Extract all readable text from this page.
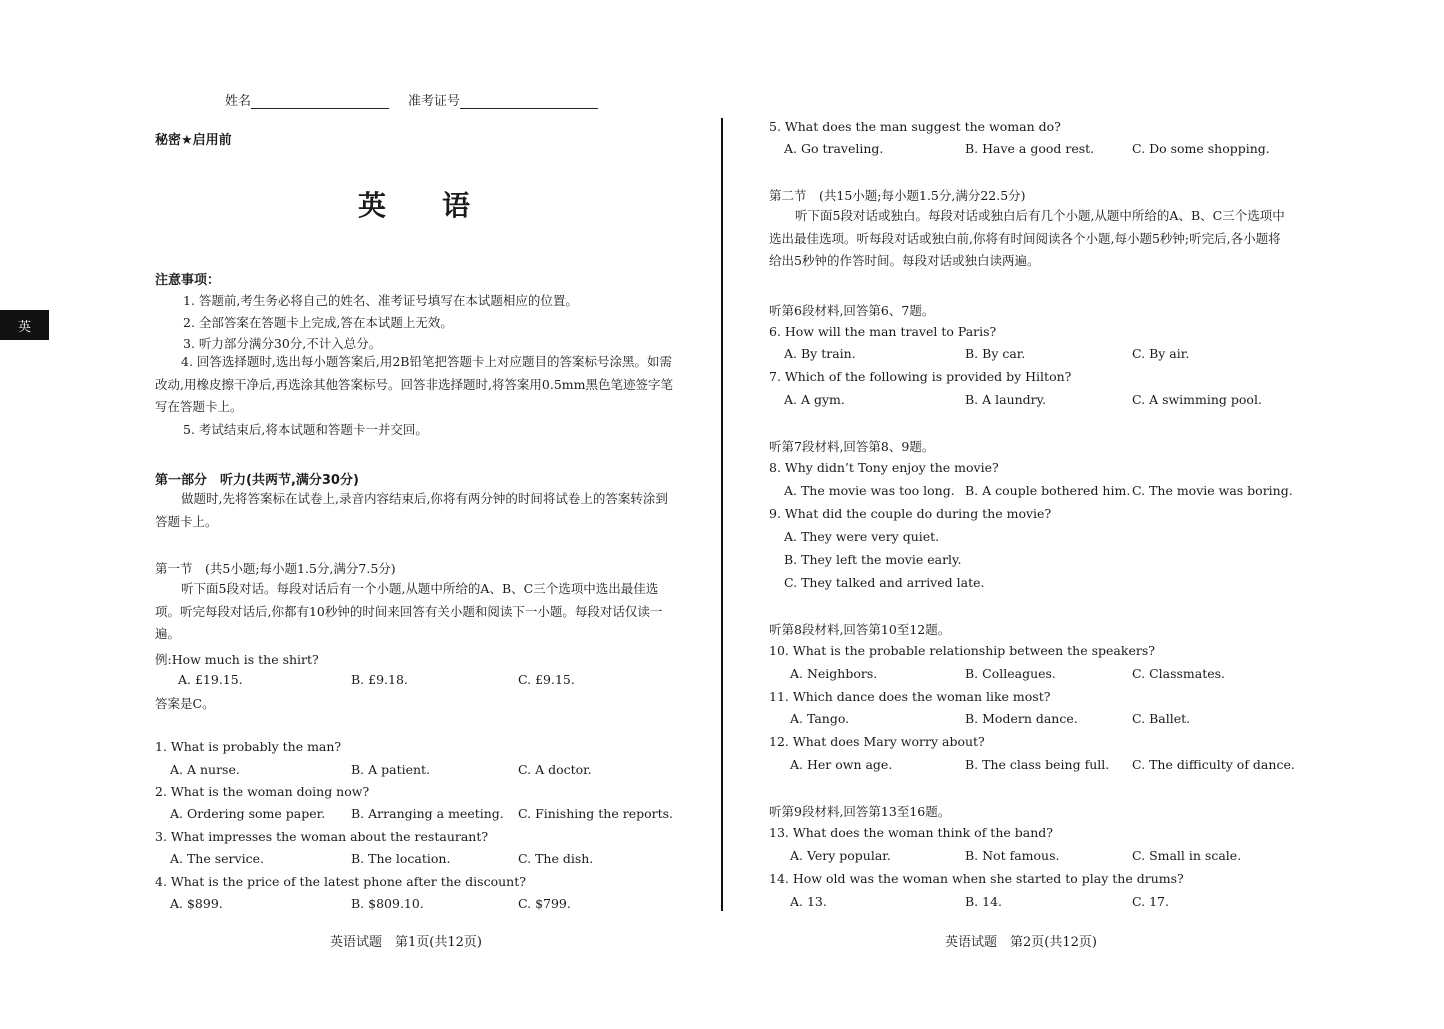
英
姓名	准考证号
秘密★启用前
英　　语
注意事项：
1. 答题前,考生务必将自己的姓名、准考证号填写在本试题相应的位置。
2. 全部答案在答题卡上完成,答在本试题上无效。
3. 听力部分满分30分,不计入总分。
4. 回答选择题时,选出每小题答案后,用2B铅笔把答题卡上对应题目的答案标号涂黑。如需改动,用橡皮擦干净后,再选涂其他答案标号。回答非选择题时,将答案用0.5mm黑色笔迹签字笔写在答题卡上。
5. 考试结束后,将本试题和答题卡一并交回。
第一部分　听力(共两节,满分30分)
做题时,先将答案标在试卷上,录音内容结束后,你将有两分钟的时间将试卷上的答案转涂到答题卡上。
第一节　(共5小题;每小题1.5分,满分7.5分)
听下面5段对话。每段对话后有一个小题,从题中所给的A、B、C三个选项中选出最佳选项。听完每段对话后,你都有10秒钟的时间来回答有关小题和阅读下一小题。每段对话仅读一遍。
例:How much is the shirt?
A. £19.15.	B. £9.18.	C. £9.15.
答案是C。
1. What is probably the man?
A. A nurse.	B. A patient.	C. A doctor.
2. What is the woman doing now?
A. Ordering some paper. B. Arranging a meeting. C. Finishing the reports.
3. What impresses the woman about the restaurant?
A. The service.	B. The location.	C. The dish.
4. What is the price of the latest phone after the discount?
A. $899.	B. $809.10.	C. $799.
英语试题　第1页(共12页)
5. What does the man suggest the woman do?
A. Go traveling.	B. Have a good rest.	C. Do some shopping.
第二节　(共15小题;每小题1.5分,满分22.5分)
听下面5段对话或独白。每段对话或独白后有几个小题,从题中所给的A、B、C三个选项中选出最佳选项。听每段对话或独白前,你将有时间阅读各个小题,每小题5秒钟;听完后,各小题将给出5秒钟的作答时间。每段对话或独白读两遍。
听第6段材料,回答第6、7题。
6. How will the man travel to Paris?
A. By train.	B. By car.	C. By air.
7. Which of the following is provided by Hilton?
A. A gym.	B. A laundry.	C. A swimming pool.
听第7段材料,回答第8、9题。
8. Why didn’t Tony enjoy the movie?
A. The movie was too long. B. A couple bothered him. C. The movie was boring.
9. What did the couple do during the movie?
A. They were very quiet.
B. They left the movie early.
C. They talked and arrived late.
听第8段材料,回答第10至12题。
10. What is the probable relationship between the speakers?
A. Neighbors.	B. Colleagues.	C. Classmates.
11. Which dance does the woman like most?
A. Tango.	B. Modern dance.	C. Ballet.
12. What does Mary worry about?
A. Her own age.	B. The class being full. C. The difficulty of dance.
听第9段材料,回答第13至16题。
13. What does the woman think of the band?
A. Very popular.	B. Not famous.	C. Small in scale.
14. How old was the woman when she started to play the drums?
A. 13.	B. 14.	C. 17.
英语试题　第2页(共12页)
